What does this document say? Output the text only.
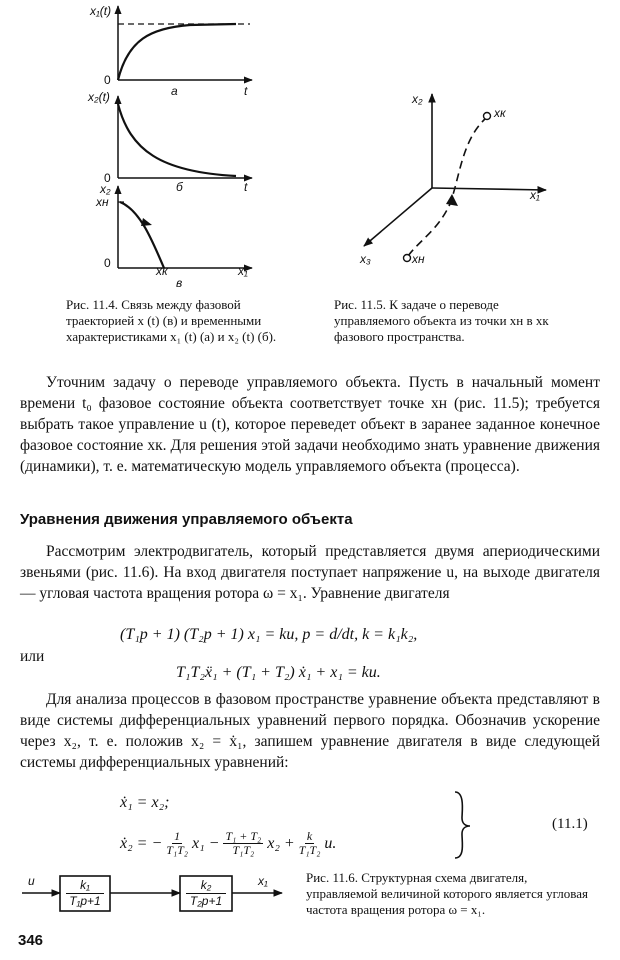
x₁(t)
t
а
0
x₂(t)
t
б
0
x₂
xн
0
xк	x₁
в
Рис. 11.4. Связь между фазовой траекторией x (t) (в) и временными характеристиками x₁ (t) (а) и x₂ (t) (б).
x₂
x₁
x₃	xн
xк
Рис. 11.5. К задаче о переводе управляемого объекта из точки xн в xк фазового пространства.
Уточним задачу о переводе управляемого объекта. Пусть в начальный момент времени t₀ фазовое состояние объекта соответствует точке xн (рис. 11.5); требуется выбрать такое управление u (t), которое переведет объект в заранее заданное конечное фазовое состояние xк. Для решения этой задачи необходимо знать уравнение движения (динамики), т. е. математическую модель управляемого объекта (процесса).
Уравнения движения управляемого объекта
Рассмотрим электродвигатель, который представляется двумя апериодическими звеньями (рис. 11.6). На вход двигателя поступает напряжение u, на выходе двигателя — угловая частота вращения ротора ω = x₁. Уравнение двигателя
(T₁p + 1) (T₂p + 1) x₁ = ku, p = d/dt, k = k₁k₂,
или
T₁T₂ẍ₁ + (T₁ + T₂) ẋ₁ + x₁ = ku.
Для анализа процессов в фазовом пространстве уравнение объекта представляют в виде системы дифференциальных уравнений первого порядка. Обозначив ускорение через x₂, т. е. положив x₂ = ẋ₁, запишем уравнение двигателя в виде следующей системы дифференциальных уравнений:
ẋ₁ = x₂;
ẋ₂ = − $\frac{1}{\text{T₁T₂}} x_1 - \frac{\text{T₁ + T₂}}{\text{T₁T₂}} x_2 + \frac{k}{\text{T₁T₂}} u$.
(11.1)
u	x₁
$\frac{\text{k₁}}{\text{T₁p+1}}$	$\frac{\text{k₂}}{\text{T₂p+1}}$
Рис. 11.6. Структурная схема двигателя, управляемой величиной которого является угловая частота вращения ротора ω = x₁.
346
